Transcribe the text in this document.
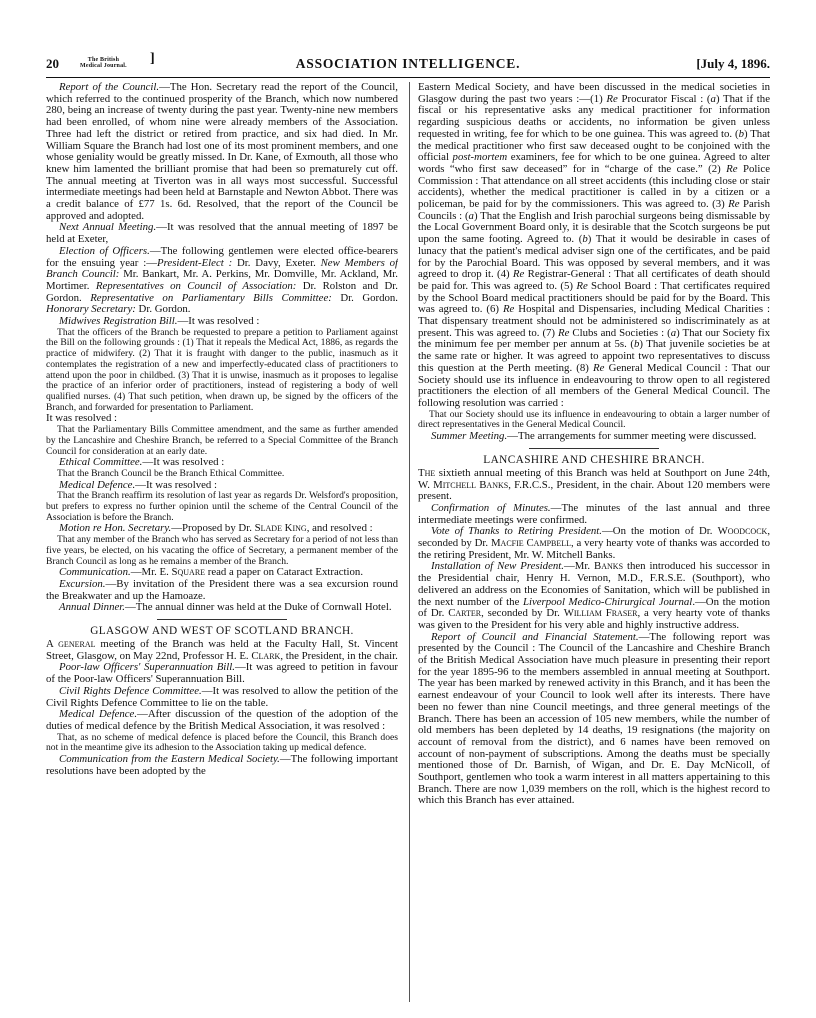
20	The British
Medical Journal. ]	ASSOCIATION INTELLIGENCE.	[July 4, 1896.

Report of the Council.—The Hon. Secretary read the report of the Council, which referred to the continued prosperity of the Branch, which now numbered 280, being an increase of twenty during the past year. Twenty-nine new members had been enrolled, of whom nine were already members of the Association. Three had left the district or retired from practice, and six had died. In Mr. William Square the Branch had lost one of its most prominent members, and one whose geniality would be greatly missed. In Dr. Kane, of Exmouth, all those who knew him lamented the brilliant promise that had been so prematurely cut off. The annual meeting at Tiverton was in all ways most successful. Successful intermediate meetings had been held at Barnstaple and Newton Abbot. There was a credit balance of £77 1s. 6d. Resolved, that the report of the Council be approved and adopted.

Next Annual Meeting.—It was resolved that the annual meeting of 1897 be held at Exeter,

Election of Officers.—The following gentlemen were elected office-bearers for the ensuing year :—President-Elect : Dr. Davy, Exeter. New Members of Branch Council: Mr. Bankart, Mr. A. Perkins, Mr. Domville, Mr. Ackland, Mr. Mortimer. Representatives on Council of Association: Dr. Rolston and Dr. Gordon. Representative on Parliamentary Bills Committee: Dr. Gordon. Honorary Secretary: Dr. Gordon.

Midwives Registration Bill.—It was resolved :

That the officers of the Branch be requested to prepare a petition to Parliament against the Bill on the following grounds : (1) That it repeals the Medical Act, 1886, as regards the practice of midwifery. (2) That it is fraught with danger to the public, inasmuch as it contemplates the registration of a new and imperfectly-educated class of practitioners to attend upon the poor in childbed. (3) That it is unwise, inasmuch as it proposes to legalise the practice of an inferior order of practitioners, instead of registering a body of well qualified nurses. (4) That such petition, when drawn up, be signed by the officers of the Branch, and forwarded for presentation to Parliament.

It was resolved :

That the Parliamentary Bills Committee amendment, and the same as further amended by the Lancashire and Cheshire Branch, be referred to a Special Committee of the Branch Council for consideration at an early date.

Ethical Committee.—It was resolved :

That the Branch Council be the Branch Ethical Committee.

Medical Defence.—It was resolved :

That the Branch reaffirm its resolution of last year as regards Dr. Welsford's proposition, but prefers to express no further opinion until the scheme of the Central Council of the Association is before the Branch.

Motion re Hon. Secretary.—Proposed by Dr. Slade King, and resolved :

That any member of the Branch who has served as Secretary for a period of not less than five years, be elected, on his vacating the office of Secretary, a permanent member of the Branch Council as long as he remains a member of the Branch.

Communication.—Mr. E. Square read a paper on Cataract Extraction.

Excursion.—By invitation of the President there was a sea excursion round the Breakwater and up the Hamoaze.

Annual Dinner.—The annual dinner was held at the Duke of Cornwall Hotel.

GLASGOW AND WEST OF SCOTLAND BRANCH.

A general meeting of the Branch was held at the Faculty Hall, St. Vincent Street, Glasgow, on May 22nd, Professor H. E. Clark, the President, in the chair.

Poor-law Officers' Superannuation Bill.—It was agreed to petition in favour of the Poor-law Officers' Superannuation Bill.

Civil Rights Defence Committee.—It was resolved to allow the petition of the Civil Rights Defence Committee to lie on the table.

Medical Defence.—After discussion of the question of the adoption of the duties of medical defence by the British Medical Association, it was resolved :

That, as no scheme of medical defence is placed before the Council, this Branch does not in the meantime give its adhesion to the Association taking up medical defence.

Communication from the Eastern Medical Society.—The following important resolutions have been adopted by the

Eastern Medical Society, and have been discussed in the medical societies in Glasgow during the past two years :—(1) Re Procurator Fiscal : (a) That if the fiscal or his representative asks any medical practitioner for information regarding suspicious deaths or accidents, no information be given unless requested in writing, fee for which to be one guinea. This was agreed to. (b) That the medical practitioner who first saw deceased ought to be conjoined with the official post-mortem examiners, fee for which to be one guinea. Agreed to alter words “who first saw deceased” for in “charge of the case.” (2) Re Police Commission : That attendance on all street accidents (this including close or stair accidents), whether the medical practitioner is called in by a citizen or a policeman, be paid for by the commissioners. This was agreed to. (3) Re Parish Councils : (a) That the English and Irish parochial surgeons being dismissable by the Local Government Board only, it is desirable that the Scotch surgeons be put upon the same footing. Agreed to. (b) That it would be desirable in cases of lunacy that the patient's medical adviser sign one of the certificates, and be paid for by the Parochial Board. This was opposed by several members, and it was agreed to drop it. (4) Re Registrar-General : That all certificates of death should be paid for. This was agreed to. (5) Re School Board : That certificates required by the School Board medical practitioners should be paid for by the Board. This was agreed to. (6) Re Hospital and Dispensaries, including Medical Charities : That dispensary treatment should not be administered so indiscriminately as at present. This was agreed to. (7) Re Clubs and Societies : (a) That our Society fix the minimum fee per member per annum at 5s. (b) That juvenile societies be at the same rate or higher. It was agreed to appoint two representatives to discuss this question at the Perth meeting. (8) Re General Medical Council : That our Society should use its influence in endeavouring to throw open to all registered practitioners the election of all members of the General Medical Council. The following resolution was carried :

That our Society should use its influence in endeavouring to obtain a larger number of direct representatives in the General Medical Council.

Summer Meeting.—The arrangements for summer meeting were discussed.

LANCASHIRE AND CHESHIRE BRANCH.

The sixtieth annual meeting of this Branch was held at Southport on June 24th, W. Mitchell Banks, F.R.C.S., President, in the chair. About 120 members were present.

Confirmation of Minutes.—The minutes of the last annual and three intermediate meetings were confirmed.

Vote of Thanks to Retiring President.—On the motion of Dr. Woodcock, seconded by Dr. Macfie Campbell, a very hearty vote of thanks was accorded to the retiring President, Mr. W. Mitchell Banks.

Installation of New President.—Mr. Banks then introduced his successor in the Presidential chair, Henry H. Vernon, M.D., F.R.S.E. (Southport), who delivered an address on the Economies of Sanitation, which will be published in the next number of the Liverpool Medico-Chirurgical Journal.—On the motion of Dr. Carter, seconded by Dr. William Fraser, a very hearty vote of thanks was given to the President for his very able and highly instructive address.

Report of Council and Financial Statement.—The following report was presented by the Council : The Council of the Lancashire and Cheshire Branch of the British Medical Association have much pleasure in presenting their report for the year 1895-96 to the members assembled in annual meeting at Southport. The year has been marked by renewed activity in this Branch, and it has been the earnest endeavour of your Council to look well after its interests. There have been no fewer than nine Council meetings, and three general meetings of the Branch. There has been an accession of 105 new members, while the number of old members has been depleted by 14 deaths, 19 resignations (the majority on account of removal from the district), and 6 names have been removed on account of non-payment of subscriptions. Among the deaths must be specially mentioned those of Dr. Barnish, of Wigan, and Dr. E. Day McNicoll, of Southport, gentlemen who took a warm interest in all matters appertaining to this Branch. There are now 1,039 members on the roll, which is the highest record to which this Branch has ever attained.
